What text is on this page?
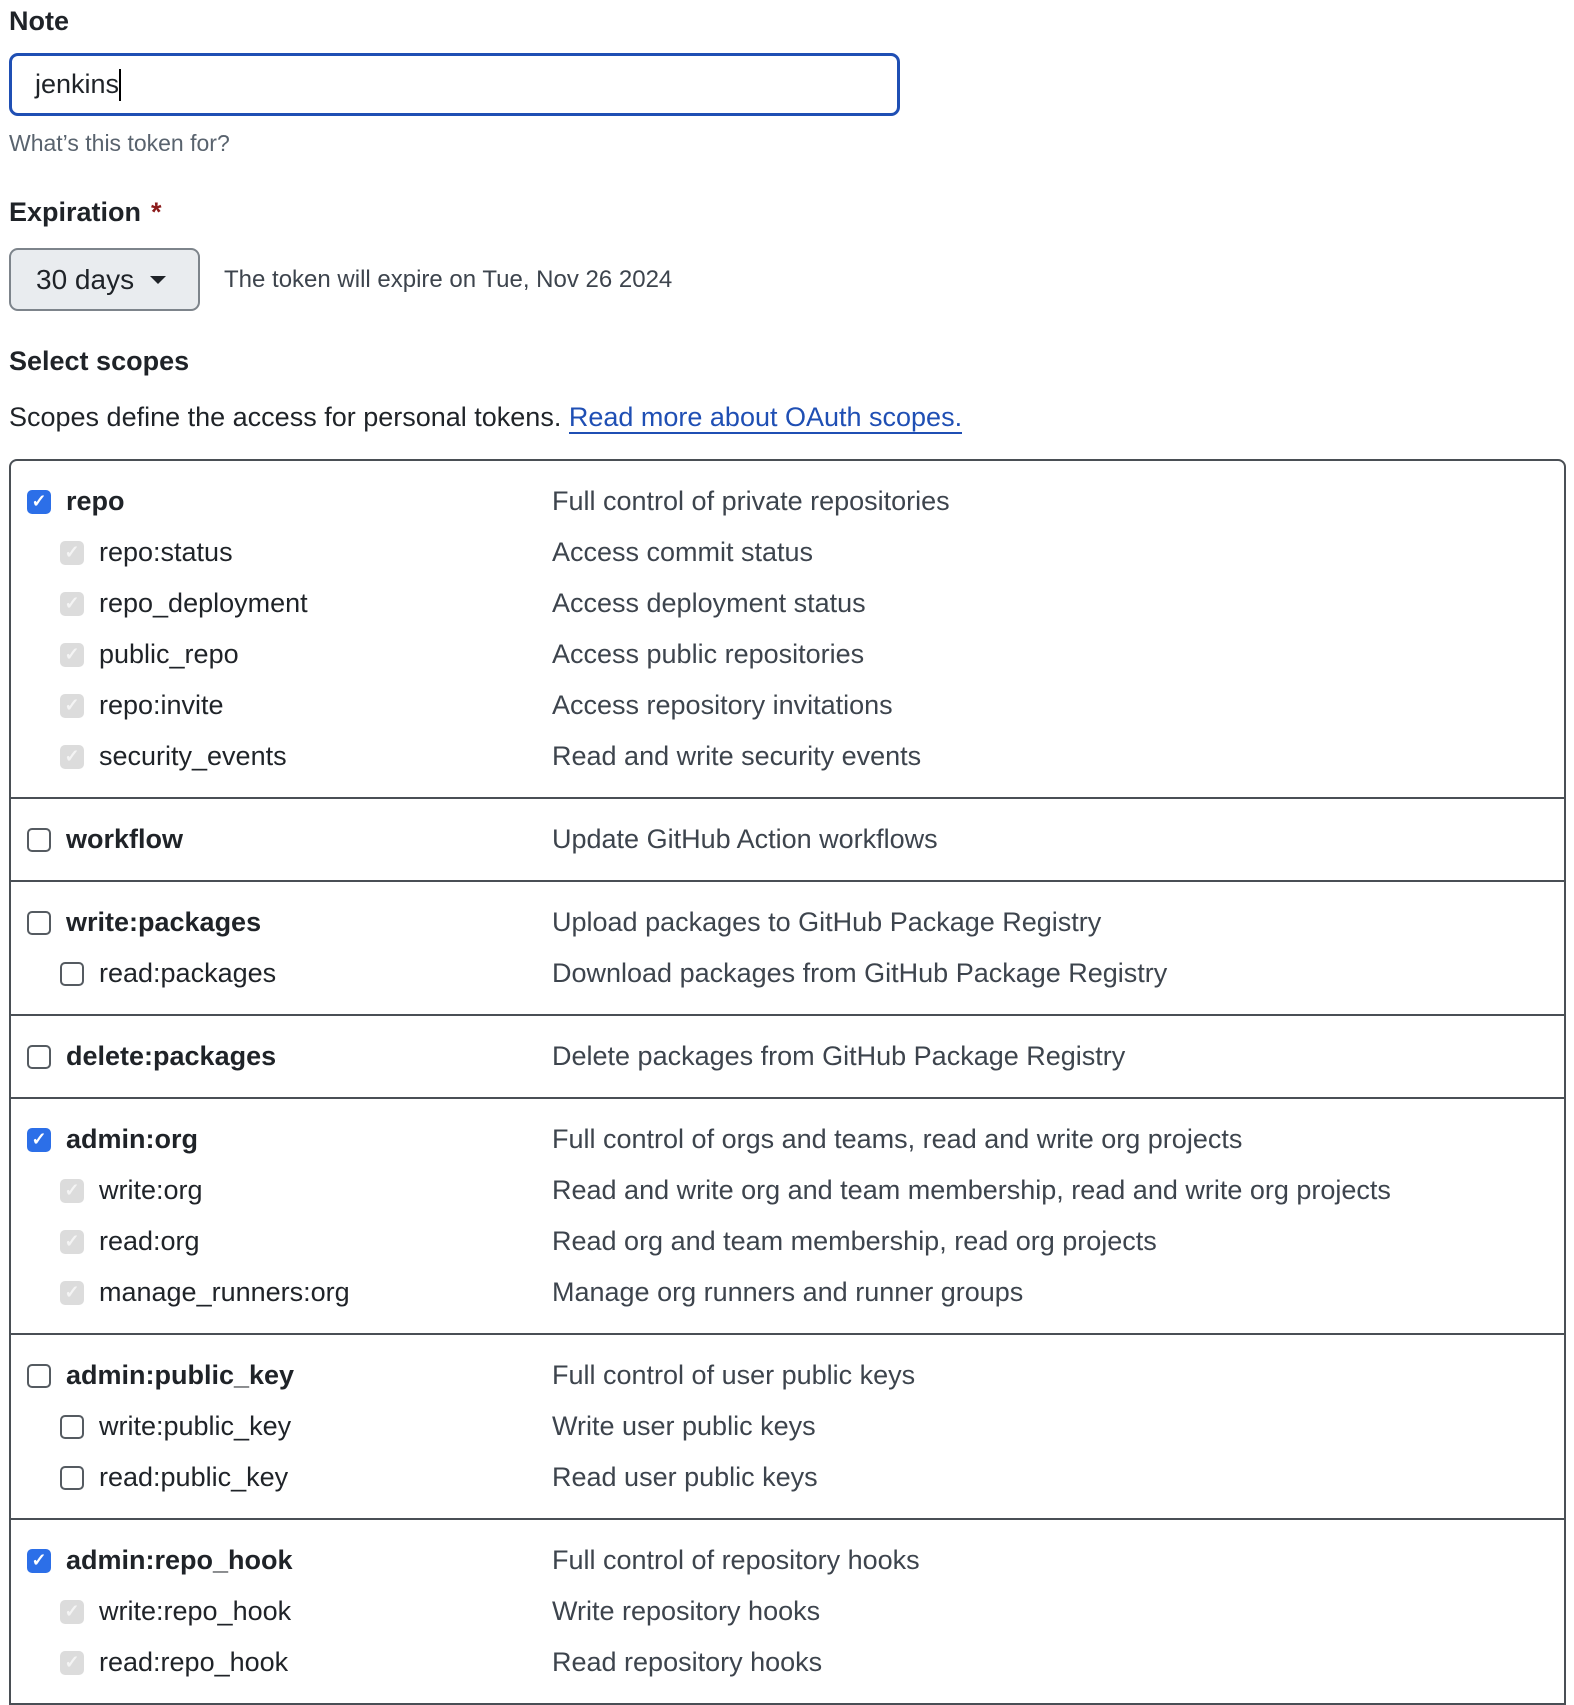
Note
jenkins
What’s this token for?
Expiration *
30 days	The token will expire on Tue, Nov 26 2024
Select scopes
Scopes define the access for personal tokens. Read more about OAuth scopes.
✓ repo	Full control of private repositories
✓ repo:status	Access commit status
✓ repo_deployment	Access deployment status
✓ public_repo	Access public repositories
✓ repo:invite	Access repository invitations
✓ security_events	Read and write security events
workflow	Update GitHub Action workflows
write:packages	Upload packages to GitHub Package Registry
read:packages	Download packages from GitHub Package Registry
delete:packages	Delete packages from GitHub Package Registry
✓ admin:org	Full control of orgs and teams, read and write org projects
✓ write:org	Read and write org and team membership, read and write org projects
✓ read:org	Read org and team membership, read org projects
✓ manage_runners:org	Manage org runners and runner groups
admin:public_key	Full control of user public keys
write:public_key	Write user public keys
read:public_key	Read user public keys
✓ admin:repo_hook	Full control of repository hooks
✓ write:repo_hook	Write repository hooks
✓ read:repo_hook	Read repository hooks
